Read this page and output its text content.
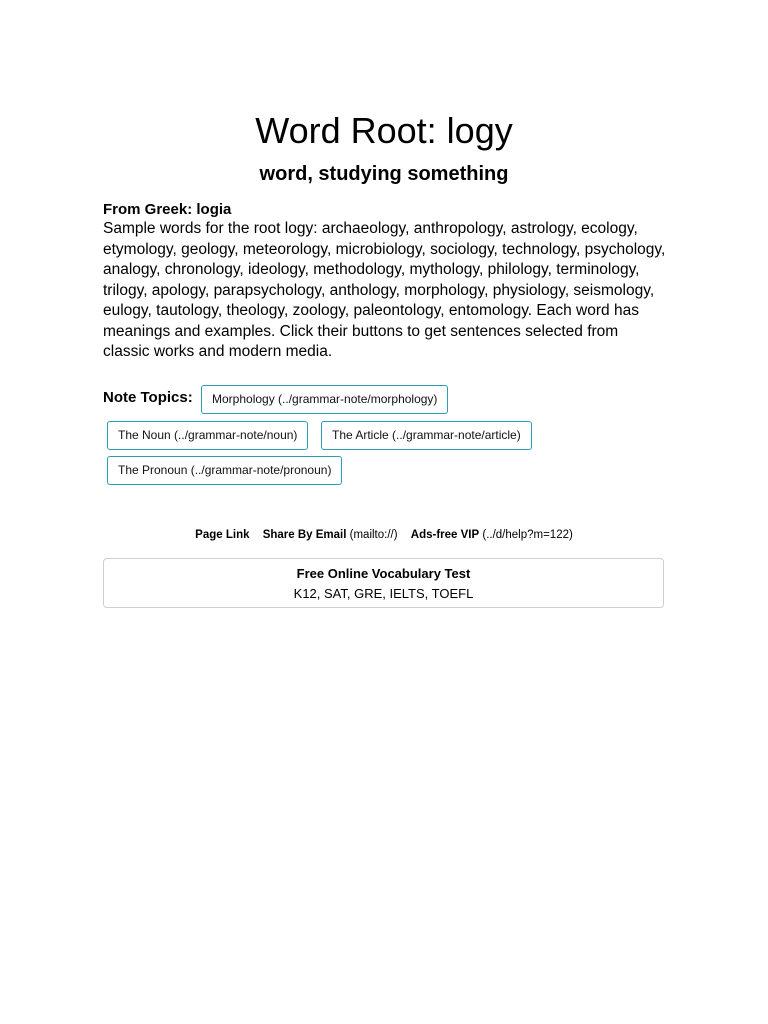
Word Root: logy
word, studying something
From Greek: logia

Sample words for the root logy: archaeology, anthropology, astrology, ecology, etymology, geology, meteorology, microbiology, sociology, technology, psychology, analogy, chronology, ideology, methodology, mythology, philology, terminology, trilogy, apology, parapsychology, anthology, morphology, physiology, seismology, eulogy, tautology, theology, zoology, paleontology, entomology. Each word has meanings and examples. Click their buttons to get sentences selected from classic works and modern media.

Note Topics:	Morphology (../grammar-note/morphology)
The Noun (../grammar-note/noun)	The Article (../grammar-note/article)
The Pronoun (../grammar-note/pronoun)
Page Link Share By Email (mailto://) Ads-free VIP (../d/help?m=122)
Free Online Vocabulary Test
K12, SAT, GRE, IELTS, TOEFL
